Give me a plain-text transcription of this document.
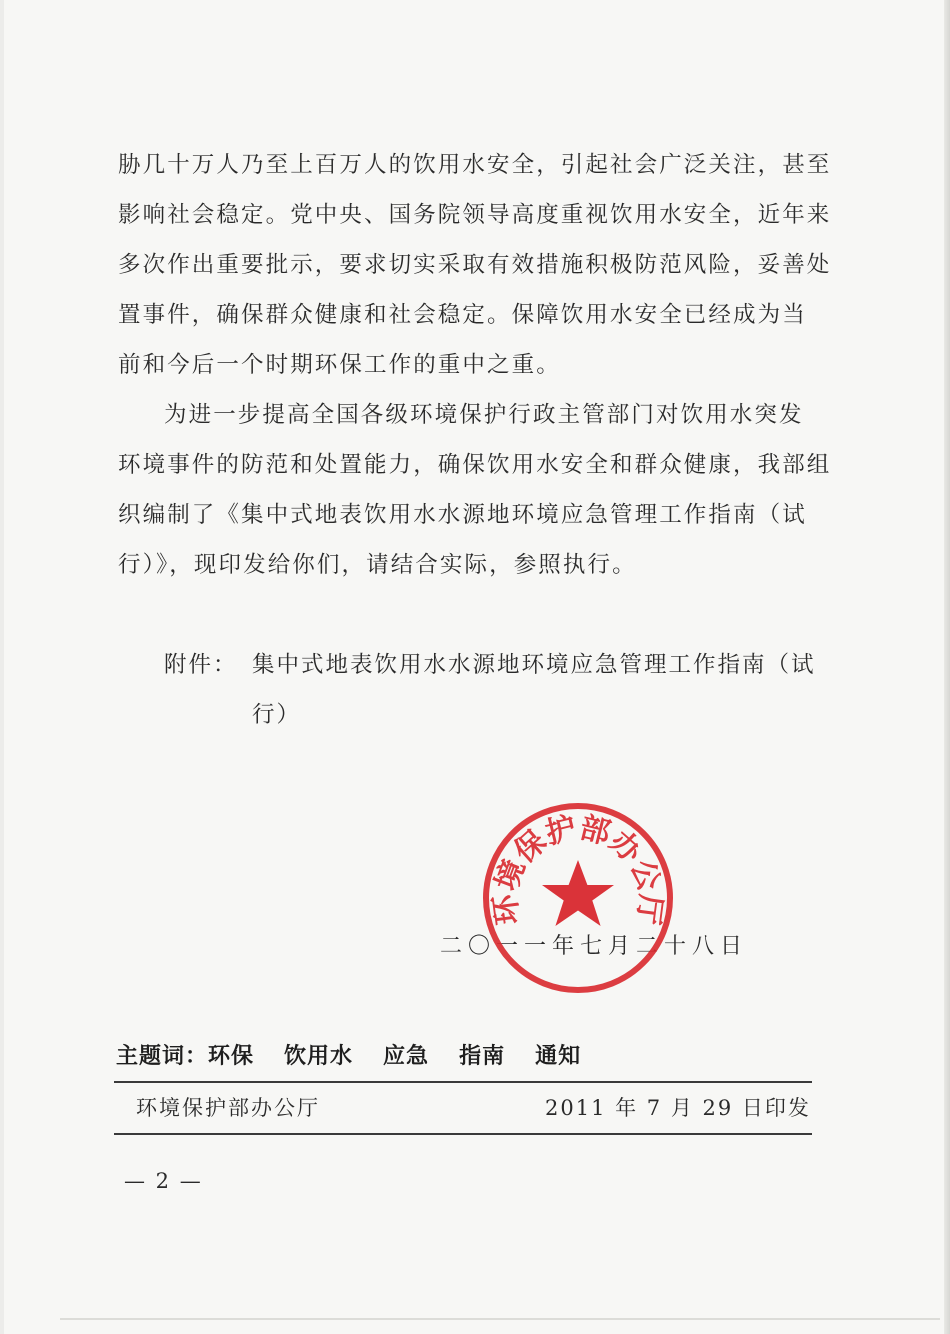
胁几十万人乃至上百万人的饮用水安全，引起社会广泛关注，甚至
影响社会稳定。党中央、国务院领导高度重视饮用水安全，近年来
多次作出重要批示，要求切实采取有效措施积极防范风险，妥善处
置事件，确保群众健康和社会稳定。保障饮用水安全已经成为当
前和今后一个时期环保工作的重中之重。
为进一步提高全国各级环境保护行政主管部门对饮用水突发
环境事件的防范和处置能力，确保饮用水安全和群众健康，我部组
织编制了《集中式地表饮用水水源地环境应急管理工作指南（试
行）》，现印发给你们，请结合实际，参照执行。
附件： 集中式地表饮用水水源地环境应急管理工作指南（试
行）
二〇一一年七月二十八日
环境保护部办公厅
主题词：环保 饮用水 应急 指南 通知
环境保护部办公厅	2011 年 7 月 29 日印发
— 2 —
